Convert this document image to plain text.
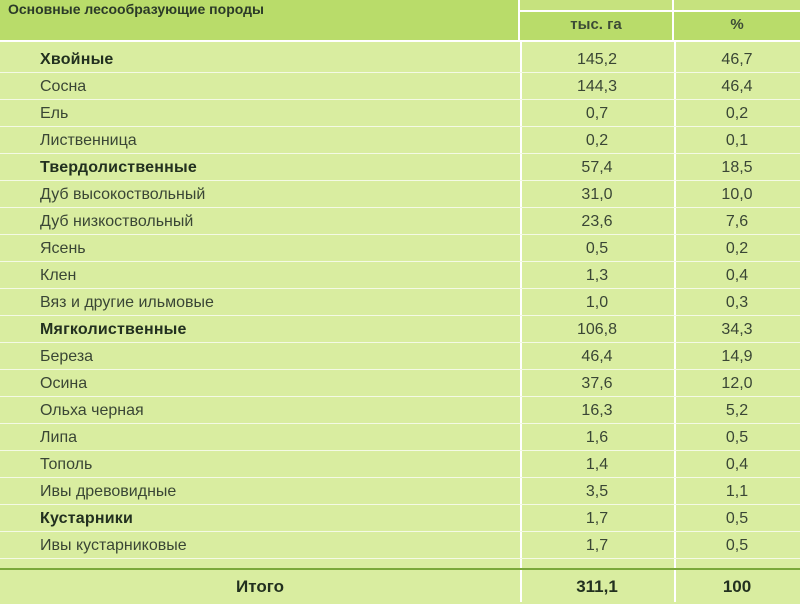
Основные лесообразующие породы
тыс. га	%
Хвойные	145,2	46,7
Сосна	144,3	46,4
Ель	0,7	0,2
Лиственница	0,2	0,1
Твердолиственные	57,4	18,5
Дуб высокоствольный	31,0	10,0
Дуб низкоствольный	23,6	7,6
Ясень	0,5	0,2
Клен	1,3	0,4
Вяз и другие ильмовые	1,0	0,3
Мягколиственные	106,8	34,3
Береза	46,4	14,9
Осина	37,6	12,0
Ольха черная	16,3	5,2
Липа	1,6	0,5
Тополь	1,4	0,4
Ивы древовидные	3,5	1,1
Кустарники	1,7	0,5
Ивы кустарниковые	1,7	0,5
Итого	311,1	100
